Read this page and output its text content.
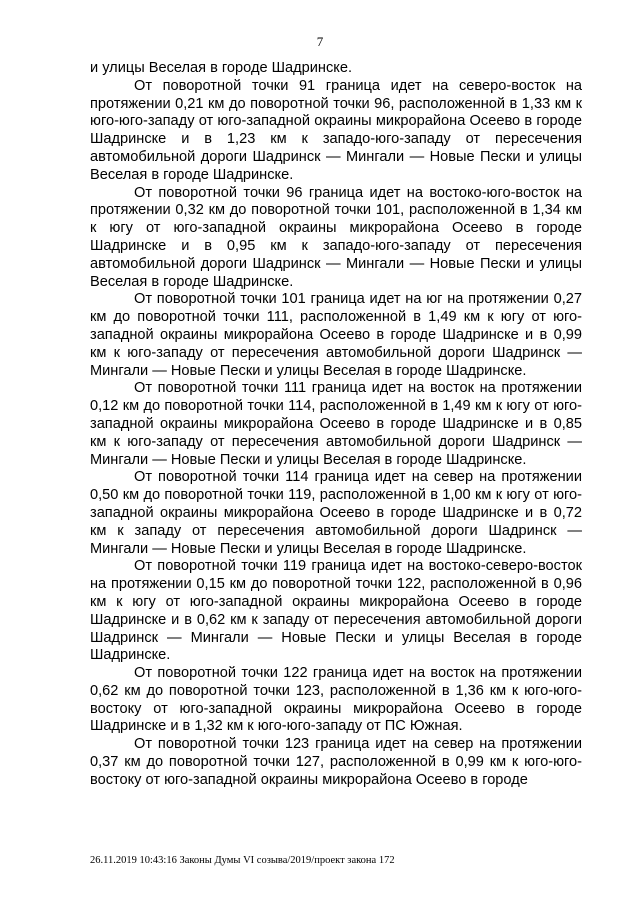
7

и улицы Веселая в городе Шадринске.

От поворотной точки 91 граница идет на северо-восток на протяжении 0,21 км до поворотной точки 96, расположенной в 1,33 км к юго-юго-западу от юго-западной окраины микрорайона Осеево в городе Шадринске и в 1,23 км к западо-юго-западу от пересечения автомобильной дороги Шадринск — Мингали — Новые Пески и улицы Веселая в городе Шадринске.

От поворотной точки 96 граница идет на востоко-юго-восток на протяжении 0,32 км до поворотной точки 101, расположенной в 1,34 км к югу от юго-западной окраины микрорайона Осеево в городе Шадринске и в 0,95 км к западо-юго-западу от пересечения автомобильной дороги Шадринск — Мингали — Новые Пески и улицы Веселая в городе Шадринске.

От поворотной точки 101 граница идет на юг на протяжении 0,27 км до поворотной точки 111, расположенной в 1,49 км к югу от юго-западной окраины микрорайона Осеево в городе Шадринске и в 0,99 км к юго-западу от пересечения автомобильной дороги Шадринск — Мингали — Новые Пески и улицы Веселая в городе Шадринске.

От поворотной точки 111 граница идет на восток на протяжении 0,12 км до поворотной точки 114, расположенной в 1,49 км к югу от юго-западной окраины микрорайона Осеево в городе Шадринске и в 0,85 км к юго-западу от пересечения автомобильной дороги Шадринск — Мингали — Новые Пески и улицы Веселая в городе Шадринске.

От поворотной точки 114 граница идет на север на протяжении 0,50 км до поворотной точки 119, расположенной в 1,00 км к югу от юго-западной окраины микрорайона Осеево в городе Шадринске и в 0,72 км к западу от пересечения автомобильной дороги Шадринск — Мингали — Новые Пески и улицы Веселая в городе Шадринске.

От поворотной точки 119 граница идет на востоко-северо-восток на протяжении 0,15 км до поворотной точки 122, расположенной в 0,96 км к югу от юго-западной окраины микрорайона Осеево в городе Шадринске и в 0,62 км к западу от пересечения автомобильной дороги Шадринск — Мингали — Новые Пески и улицы Веселая в городе Шадринске.

От поворотной точки 122 граница идет на восток на протяжении 0,62 км до поворотной точки 123, расположенной в 1,36 км к юго-юго-востоку от юго-западной окраины микрорайона Осеево в городе Шадринске и в 1,32 км к юго-юго-западу от ПС Южная.

От поворотной точки 123 граница идет на север на протяжении 0,37 км до поворотной точки 127, расположенной в 0,99 км к юго-юго-востоку от юго-западной окраины микрорайона Осеево в городе

26.11.2019 10:43:16 Законы Думы VI созыва/2019/проект закона 172
